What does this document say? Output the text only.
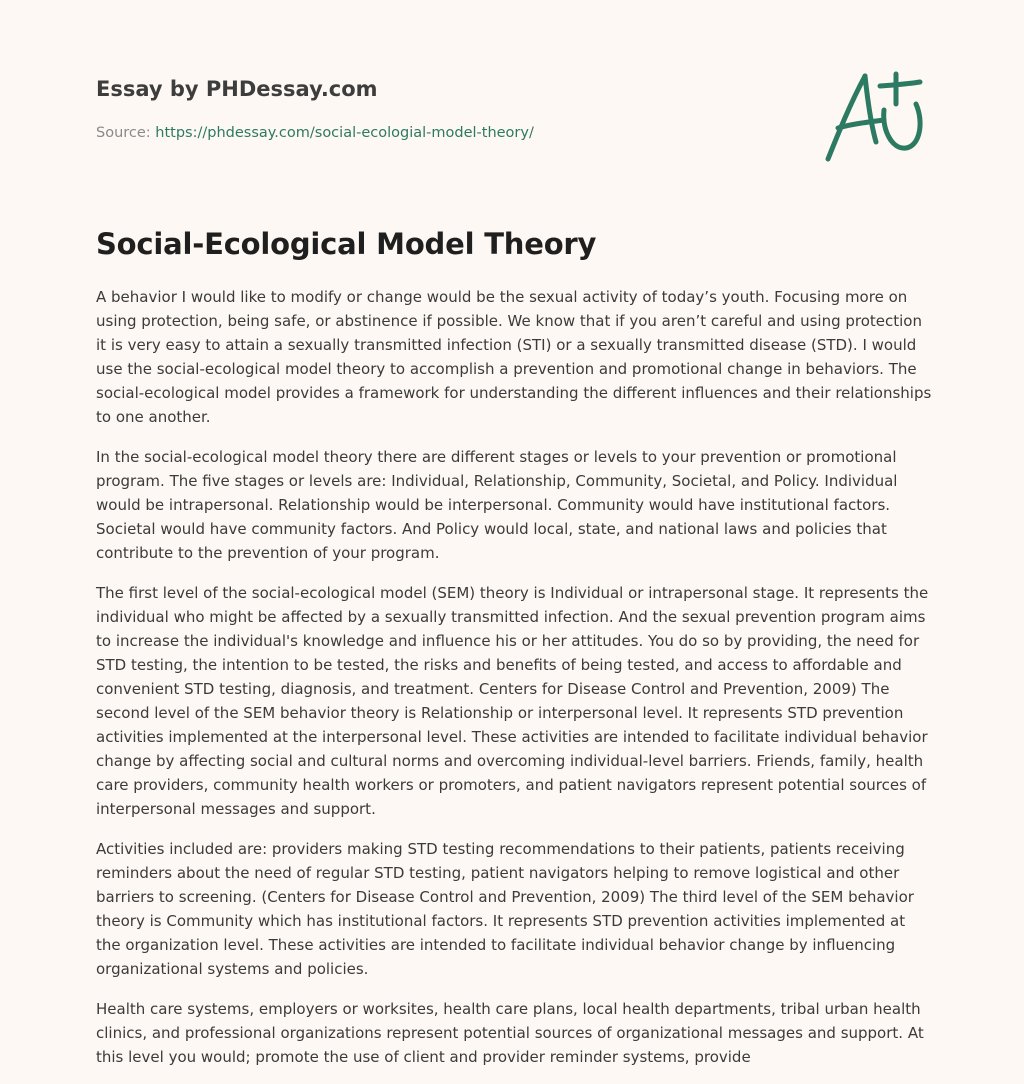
Essay by PHDessay.com
Source: https://phdessay.com/social-ecologial-model-theory/
Social-Ecological Model Theory

A behavior I would like to modify or change would be the sexual activity of today’s youth. Focusing more on using protection, being safe, or abstinence if possible. We know that if you aren’t careful and using protection it is very easy to attain a sexually transmitted infection (STI) or a sexually transmitted disease (STD). I would use the social-ecological model theory to accomplish a prevention and promotional change in behaviors. The social-ecological model provides a framework for understanding the different influences and their relationships to one another.

In the social-ecological model theory there are different stages or levels to your prevention or promotional program. The five stages or levels are: Individual, Relationship, Community, Societal, and Policy. Individual would be intrapersonal. Relationship would be interpersonal. Community would have institutional factors. Societal would have community factors. And Policy would local, state, and national laws and policies that contribute to the prevention of your program.

The first level of the social-ecological model (SEM) theory is Individual or intrapersonal stage. It represents the individual who might be affected by a sexually transmitted infection. And the sexual prevention program aims to increase the individual's knowledge and influence his or her attitudes. You do so by providing, the need for STD testing, the intention to be tested, the risks and benefits of being tested, and access to affordable and convenient STD testing, diagnosis, and treatment. Centers for Disease Control and Prevention, 2009) The second level of the SEM behavior theory is Relationship or interpersonal level. It represents STD prevention activities implemented at the interpersonal level. These activities are intended to facilitate individual behavior change by affecting social and cultural norms and overcoming individual-level barriers. Friends, family, health care providers, community health workers or promoters, and patient navigators represent potential sources of interpersonal messages and support.

Activities included are: providers making STD testing recommendations to their patients, patients receiving reminders about the need of regular STD testing, patient navigators helping to remove logistical and other barriers to screening. (Centers for Disease Control and Prevention, 2009) The third level of the SEM behavior theory is Community which has institutional factors. It represents STD prevention activities implemented at the organization level. These activities are intended to facilitate individual behavior change by influencing organizational systems and policies.

Health care systems, employers or worksites, health care plans, local health departments, tribal urban health clinics, and professional organizations represent potential sources of organizational messages and support. At this level you would; promote the use of client and provider reminder systems, provide
